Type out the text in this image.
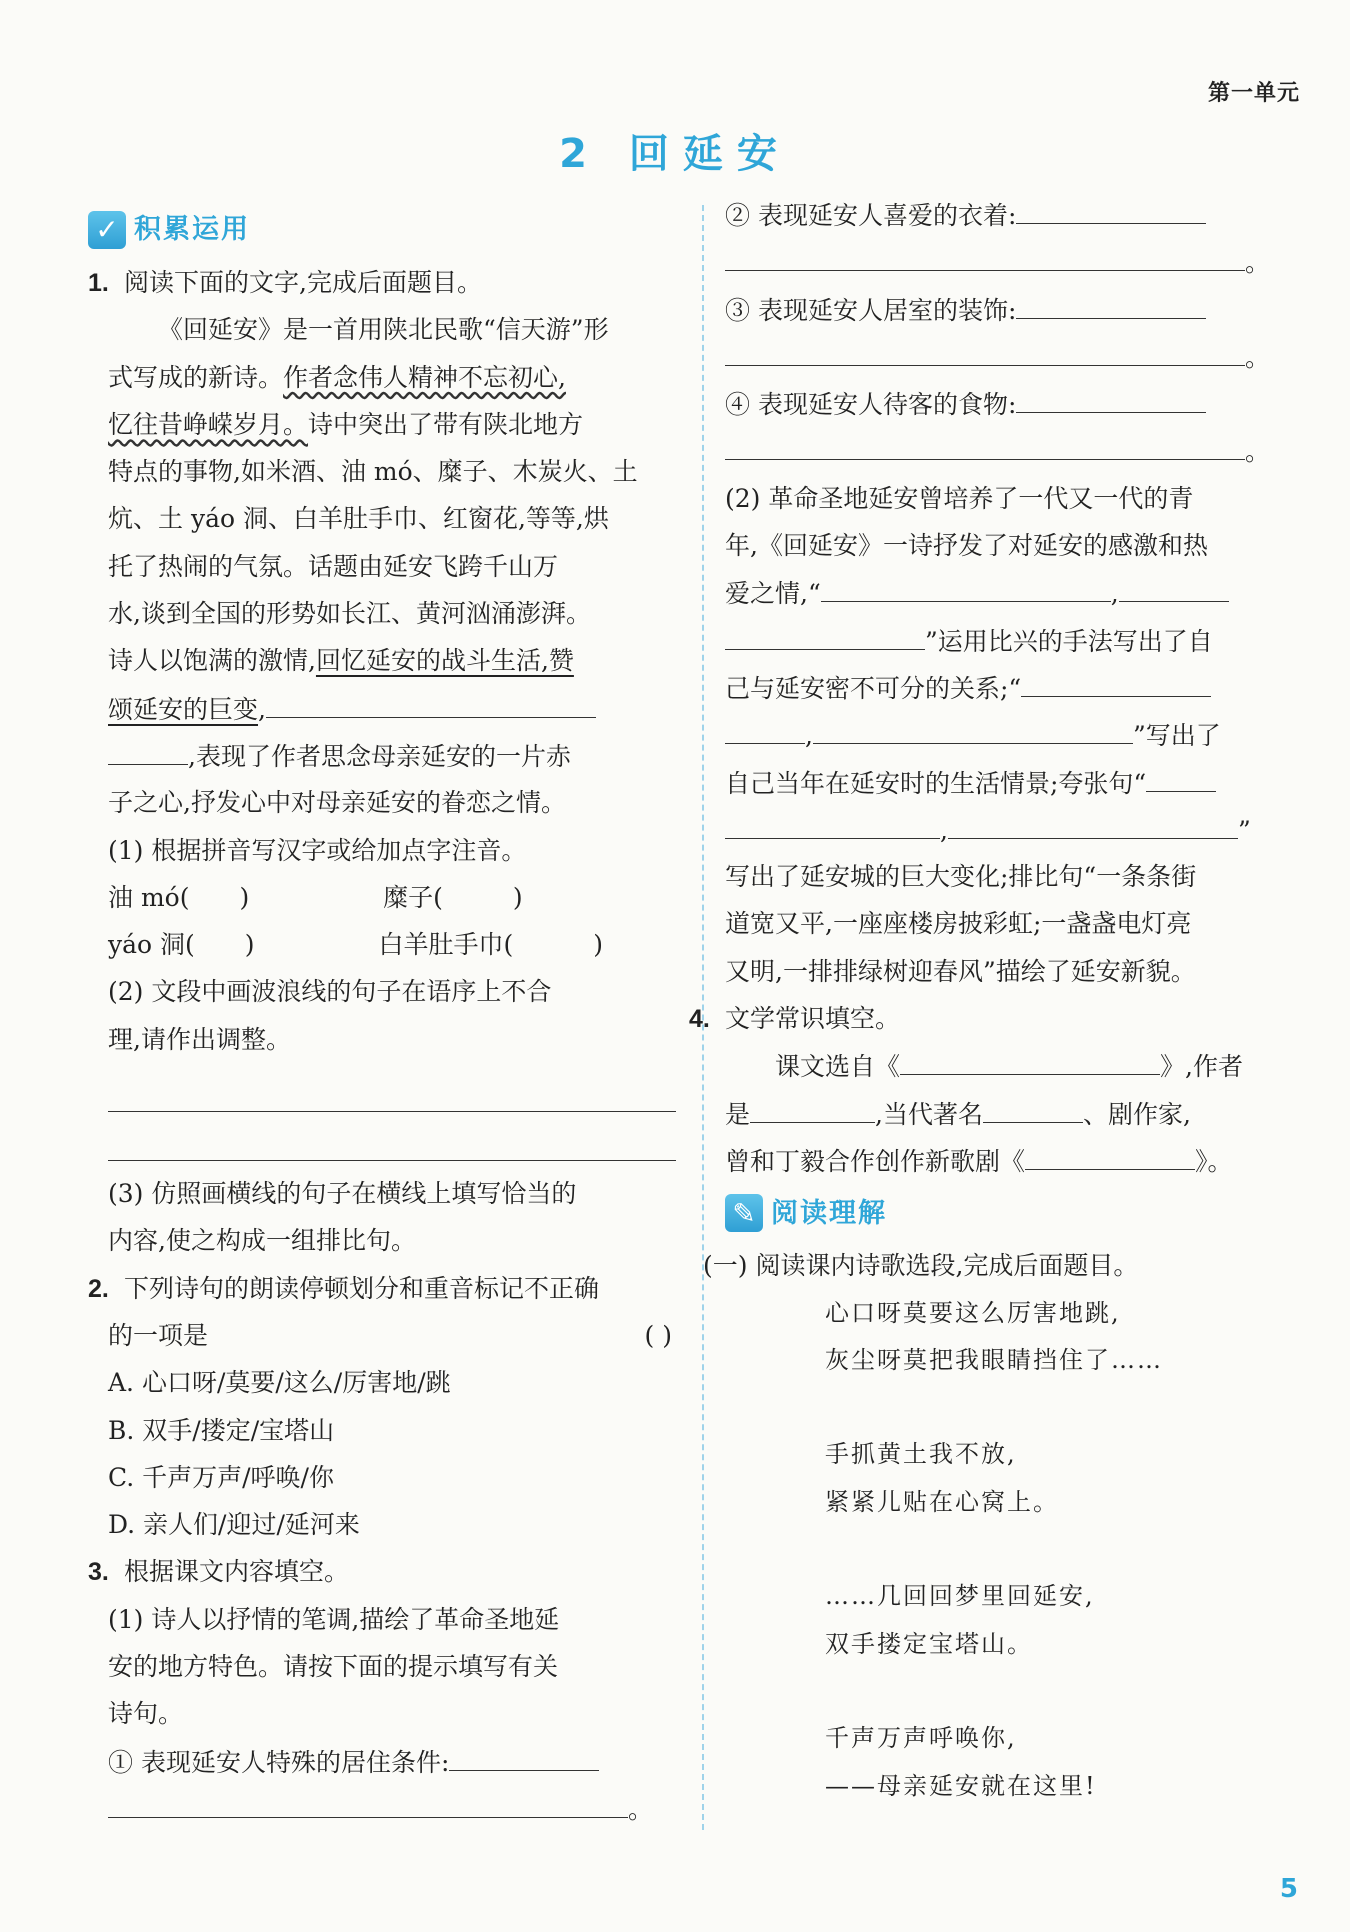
第一单元
2 回延安
✓ 积累运用
1. 阅读下面的文字,完成后面题目。
《回延安》是一首用陕北民歌“信天游”形
式写成的新诗。作者念伟人精神不忘初心,
忆往昔峥嵘岁月。诗中突出了带有陕北地方
特点的事物,如米酒、油 mó、糜子、木炭火、土
炕、土 yáo 洞、白羊肚手巾、红窗花,等等,烘
托了热闹的气氛。话题由延安飞跨千山万
水,谈到全国的形势如长江、黄河汹涌澎湃。
诗人以饱满的激情,回忆延安的战斗生活,赞
颂延安的巨变,
,表现了作者思念母亲延安的一片赤
子之心,抒发心中对母亲延安的眷恋之情。
(1) 根据拼音写汉字或给加点字注音。
油 mó( )	糜子(	)
yáo 洞( )	白羊肚手巾(	)
(2) 文段中画波浪线的句子在语序上不合
理,请作出调整。
(3) 仿照画横线的句子在横线上填写恰当的
内容,使之构成一组排比句。
2. 下列诗句的朗读停顿划分和重音标记不正确
的一项是	( )
A. 心口呀/莫要/这么/厉害地/跳
B. 双手/搂定/宝塔山
C. 千声万声/呼唤/你
D. 亲人们/迎过/延河来
3. 根据课文内容填空。
(1) 诗人以抒情的笔调,描绘了革命圣地延
安的地方特色。请按下面的提示填写有关
诗句。
① 表现延安人特殊的居住条件:
。
② 表现延安人喜爱的衣着:
。
③ 表现延安人居室的装饰:
。
④ 表现延安人待客的食物:
。
(2) 革命圣地延安曾培养了一代又一代的青
年,《回延安》一诗抒发了对延安的感激和热
爱之情,“	,
”运用比兴的手法写出了自
己与延安密不可分的关系;“
,	”写出了
自己当年在延安时的生活情景;夸张句“
,	”
写出了延安城的巨大变化;排比句“一条条街
道宽又平,一座座楼房披彩虹;一盏盏电灯亮
又明,一排排绿树迎春风”描绘了延安新貌。
4. 文学常识填空。
课文选自《	》,作者
是	,当代著名	、剧作家,
曾和丁毅合作创作新歌剧《	》。
✎ 阅读理解
(一) 阅读课内诗歌选段,完成后面题目。
心口呀莫要这么厉害地跳,
灰尘呀莫把我眼睛挡住了……
手抓黄土我不放,
紧紧儿贴在心窝上。
……几回回梦里回延安,
双手搂定宝塔山。
千声万声呼唤你,
——母亲延安就在这里!
5
